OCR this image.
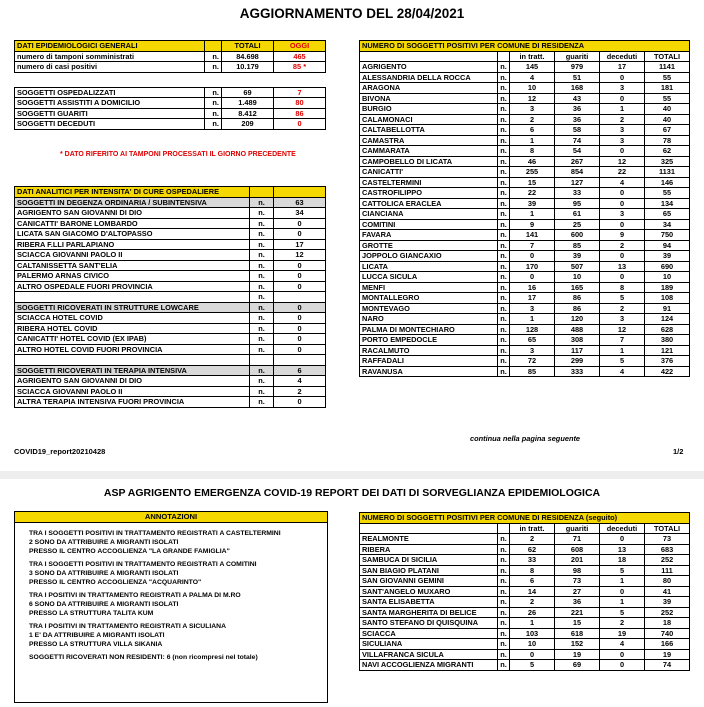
AGGIORNAMENTO DEL 28/04/2021
DATI EPIDEMIOLOGICI GENERALI		TOTALI	OGGI
numero di tamponi somministrati	n.	84.698	465
numero di casi positivi	n.	10.179	85 *

SOGGETTI OSPEDALIZZATI	n.	69	7
SOGGETTI ASSISTITI A DOMICILIO	n.	1.489	80
SOGGETTI GUARITI	n.	8.412	86
SOGGETTI DECEDUTI	n.	209	0
* DATO RIFERITO AI TAMPONI PROCESSATI IL GIORNO PRECEDENTE
DATI ANALITICI PER INTENSITA' DI CURE OSPEDALIERE		
SOGGETTI IN DEGENZA ORDINARIA / SUBINTENSIVA	n.	63
AGRIGENTO SAN GIOVANNI DI DIO	n.	34
CANICATTI' BARONE LOMBARDO	n.	0
LICATA SAN GIACOMO D'ALTOPASSO	n.	0
RIBERA F.LLI PARLAPIANO	n.	17
SCIACCA GIOVANNI PAOLO II	n.	12
CALTANISSETTA SANT'ELIA	n.	0
PALERMO ARNAS CIVICO	n.	0
ALTRO OSPEDALE FUORI PROVINCIA	n.	0
	n.	
SOGGETTI RICOVERATI IN STRUTTURE LOWCARE	n.	0
SCIACCA HOTEL COVID	n.	0
RIBERA HOTEL COVID	n.	0
CANICATTI' HOTEL COVID (EX IPAB)	n.	0
ALTRO HOTEL COVID FUORI PROVINCIA	n.	0

SOGGETTI RICOVERATI IN TERAPIA INTENSIVA	n.	6
AGRIGENTO SAN GIOVANNI DI DIO	n.	4
SCIACCA GIOVANNI PAOLO II	n.	2
ALTRA TERAPIA INTENSIVA FUORI PROVINCIA	n.	0
COVID19_report20210428	1/2
NUMERO DI SOGGETTI POSITIVI PER COMUNE DI RESIDENZA					
		in tratt.	guariti	deceduti	TOTALI
AGRIGENTO	n.	145	979	17	1141
ALESSANDRIA DELLA ROCCA	n.	4	51	0	55
ARAGONA	n.	10	168	3	181
BIVONA	n.	12	43	0	55
BURGIO	n.	3	36	1	40
CALAMONACI	n.	2	36	2	40
CALTABELLOTTA	n.	6	58	3	67
CAMASTRA	n.	1	74	3	78
CAMMARATA	n.	8	54	0	62
CAMPOBELLO DI LICATA	n.	46	267	12	325
CANICATTI'	n.	255	854	22	1131
CASTELTERMINI	n.	15	127	4	146
CASTROFILIPPO	n.	22	33	0	55
CATTOLICA ERACLEA	n.	39	95	0	134
CIANCIANA	n.	1	61	3	65
COMITINI	n.	9	25	0	34
FAVARA	n.	141	600	9	750
GROTTE	n.	7	85	2	94
JOPPOLO GIANCAXIO	n.	0	39	0	39
LICATA	n.	170	507	13	690
LUCCA SICULA	n.	0	10	0	10
MENFI	n.	16	165	8	189
MONTALLEGRO	n.	17	86	5	108
MONTEVAGO	n.	3	86	2	91
NARO	n.	1	120	3	124
PALMA DI MONTECHIARO	n.	128	488	12	628
PORTO EMPEDOCLE	n.	65	308	7	380
RACALMUTO	n.	3	117	1	121
RAFFADALI	n.	72	299	5	376
RAVANUSA	n.	85	333	4	422
continua nella pagina seguente
ASP AGRIGENTO EMERGENZA COVID-19 REPORT DEI DATI DI SORVEGLIANZA EPIDEMIOLOGICA
ANNOTAZIONI
TRA I SOGGETTI POSITIVI IN TRATTAMENTO REGISTRATI A CASTELTERMINI
2 SONO DA ATTRIBUIRE A MIGRANTI ISOLATI
PRESSO IL CENTRO ACCOGLIENZA "LA GRANDE FAMIGLIA"
TRA I SOGGETTI POSITIVI IN TRATTAMENTO REGISTRATI A COMITINI
3 SONO DA ATTRIBUIRE A MIGRANTI ISOLATI
PRESSO IL CENTRO ACCOGLIENZA "ACQUARINTO"
TRA I POSITIVI IN TRATTAMENTO REGISTRATI A PALMA DI M.RO
6 SONO DA ATTRIBUIRE A MIGRANTI ISOLATI
PRESSO LA STRUTTURA TALITA KUM
TRA I POSITIVI IN TRATTAMENTO REGISTRATI A SICULIANA
1 E' DA ATTRIBUIRE A MIGRANTI ISOLATI
PRESSO LA STRUTTURA VILLA SIKANIA
SOGGETTI RICOVERATI NON RESIDENTI: 6 (non ricompresi nel totale)
NUMERO DI SOGGETTI POSITIVI PER COMUNE DI RESIDENZA (seguito)					
		in tratt.	guariti	deceduti	TOTALI
REALMONTE	n.	2	71	0	73
RIBERA	n.	62	608	13	683
SAMBUCA DI SICILIA	n.	33	201	18	252
SAN BIAGIO PLATANI	n.	8	98	5	111
SAN GIOVANNI GEMINI	n.	6	73	1	80
SANT'ANGELO MUXARO	n.	14	27	0	41
SANTA ELISABETTA	n.	2	36	1	39
SANTA MARGHERITA DI BELICE	n.	26	221	5	252
SANTO STEFANO DI QUISQUINA	n.	1	15	2	18
SCIACCA	n.	103	618	19	740
SICULIANA	n.	10	152	4	166
VILLAFRANCA SICULA	n.	0	19	0	19
NAVI ACCOGLIENZA MIGRANTI	n.	5	69	0	74
